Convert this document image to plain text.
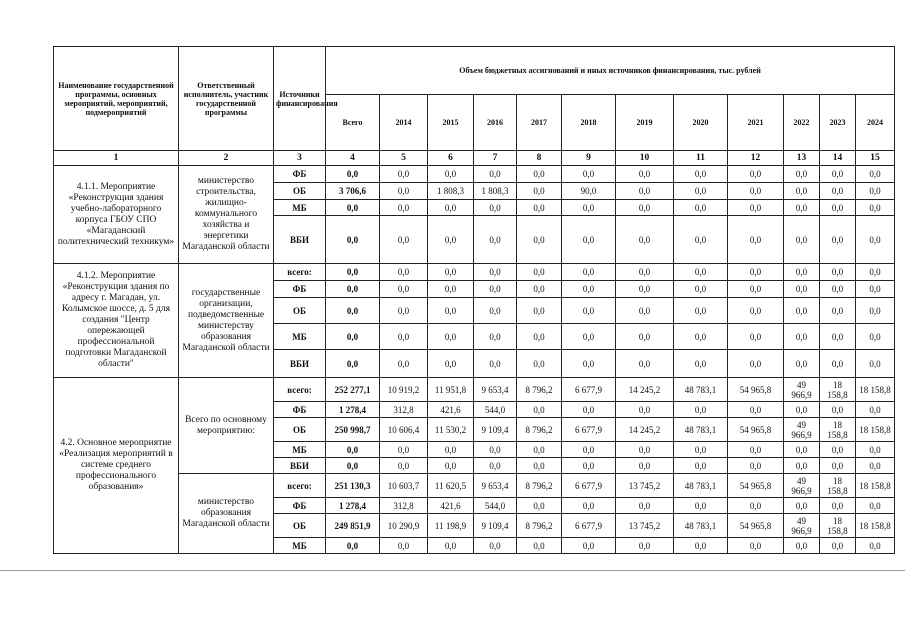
Наименование государственной программы, основных мероприятий, мероприятий, подмероприятий	Ответственный исполнитель, участник государственной программы	Источники финансирования	Объем бюджетных ассигнований и иных источников финансирования, тыс. рублей											
			Всего	2014	2015	2016	2017	2018	2019	2020	2021	2022	2023	2024
1	2	3	4	5	6	7	8	9	10	11	12	13	14	15
4.1.1. Мероприятие «Реконструкция здания учебно-лабораторного корпуса ГБОУ СПО «Магаданский политехнический техникум»	министерство строительства, жилищно-коммунального хозяйства и энергетики Магаданской области	ФБ	0,0	0,0	0,0	0,0	0,0	0,0	0,0	0,0	0,0	0,0	0,0	0,0
		ОБ	3 706,6	0,0	1 808,3	1 808,3	0,0	90,0	0,0	0,0	0,0	0,0	0,0	0,0
		МБ	0,0	0,0	0,0	0,0	0,0	0,0	0,0	0,0	0,0	0,0	0,0	0,0
		ВБИ	0,0	0,0	0,0	0,0	0,0	0,0	0,0	0,0	0,0	0,0	0,0	0,0
4.1.2. Мероприятие «Реконструкция здания по адресу г. Магадан, ул. Колымское шоссе, д. 5 для создания "Центр опережающей профессиональной подготовки Магаданской области"	государственные организации, подведомственные министерству образования Магаданской области	всего:	0,0	0,0	0,0	0,0	0,0	0,0	0,0	0,0	0,0	0,0	0,0	0,0
		ФБ	0,0	0,0	0,0	0,0	0,0	0,0	0,0	0,0	0,0	0,0	0,0	0,0
		ОБ	0,0	0,0	0,0	0,0	0,0	0,0	0,0	0,0	0,0	0,0	0,0	0,0
		МБ	0,0	0,0	0,0	0,0	0,0	0,0	0,0	0,0	0,0	0,0	0,0	0,0
		ВБИ	0,0	0,0	0,0	0,0	0,0	0,0	0,0	0,0	0,0	0,0	0,0	0,0
4.2. Основное мероприятие «Реализация мероприятий в системе среднего профессионального образования»	Всего по основному мероприятию:	всего:	252 277,1	10 919,2	11 951,8	9 653,4	8 796,2	6 677,9	14 245,2	48 783,1	54 965,8	49 966,9	18 158,8	18 158,8
		ФБ	1 278,4	312,8	421,6	544,0	0,0	0,0	0,0	0,0	0,0	0,0	0,0	0,0
		ОБ	250 998,7	10 606,4	11 530,2	9 109,4	8 796,2	6 677,9	14 245,2	48 783,1	54 965,8	49 966,9	18 158,8	18 158,8
		МБ	0,0	0,0	0,0	0,0	0,0	0,0	0,0	0,0	0,0	0,0	0,0	0,0
		ВБИ	0,0	0,0	0,0	0,0	0,0	0,0	0,0	0,0	0,0	0,0	0,0	0,0
	министерство образования Магаданской области	всего:	251 130,3	10 603,7	11 620,5	9 653,4	8 796,2	6 677,9	13 745,2	48 783,1	54 965,8	49 966,9	18 158,8	18 158,8
		ФБ	1 278,4	312,8	421,6	544,0	0,0	0,0	0,0	0,0	0,0	0,0	0,0	0,0
		ОБ	249 851,9	10 290,9	11 198,9	9 109,4	8 796,2	6 677,9	13 745,2	48 783,1	54 965,8	49 966,9	18 158,8	18 158,8
		МБ	0,0	0,0	0,0	0,0	0,0	0,0	0,0	0,0	0,0	0,0	0,0	0,0
